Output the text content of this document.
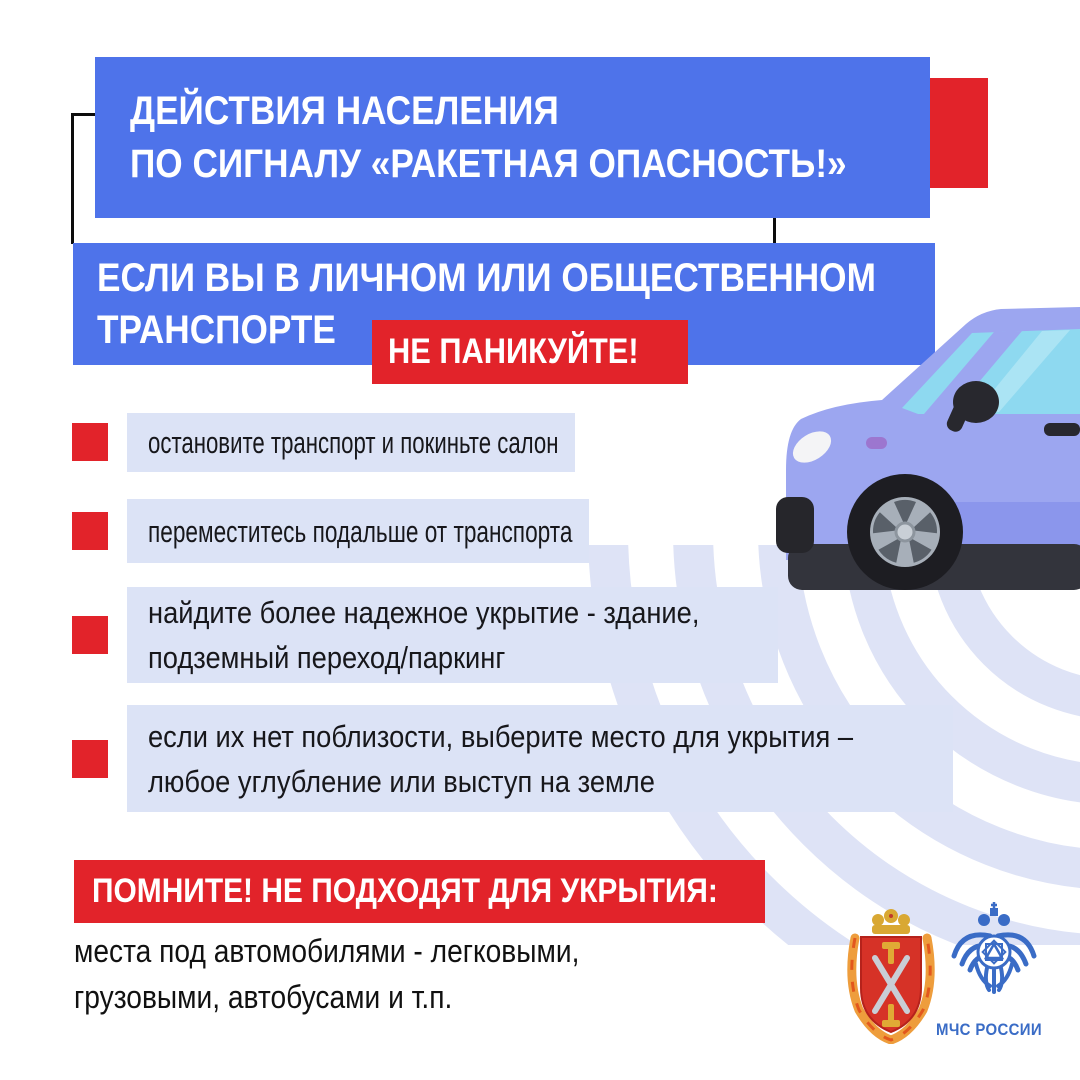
ДЕЙСТВИЯ НАСЕЛЕНИЯ
ПО СИГНАЛУ «РАКЕТНАЯ ОПАСНОСТЬ!»
ЕСЛИ ВЫ В ЛИЧНОМ ИЛИ ОБЩЕСТВЕННОМ
ТРАНСПОРТЕ	НЕ ПАНИКУЙТЕ!
остановите транспорт и покиньте салон
переместитесь подальше от транспорта
найдите более надежное укрытие - здание,
подземный переход/паркинг
если их нет поблизости, выберите место для укрытия –
любое углубление или выступ на земле
ПОМНИТЕ! НЕ ПОДХОДЯТ ДЛЯ УКРЫТИЯ:
места под автомобилями - легковыми,
грузовыми, автобусами и т.п.
МЧС РОССИИ
